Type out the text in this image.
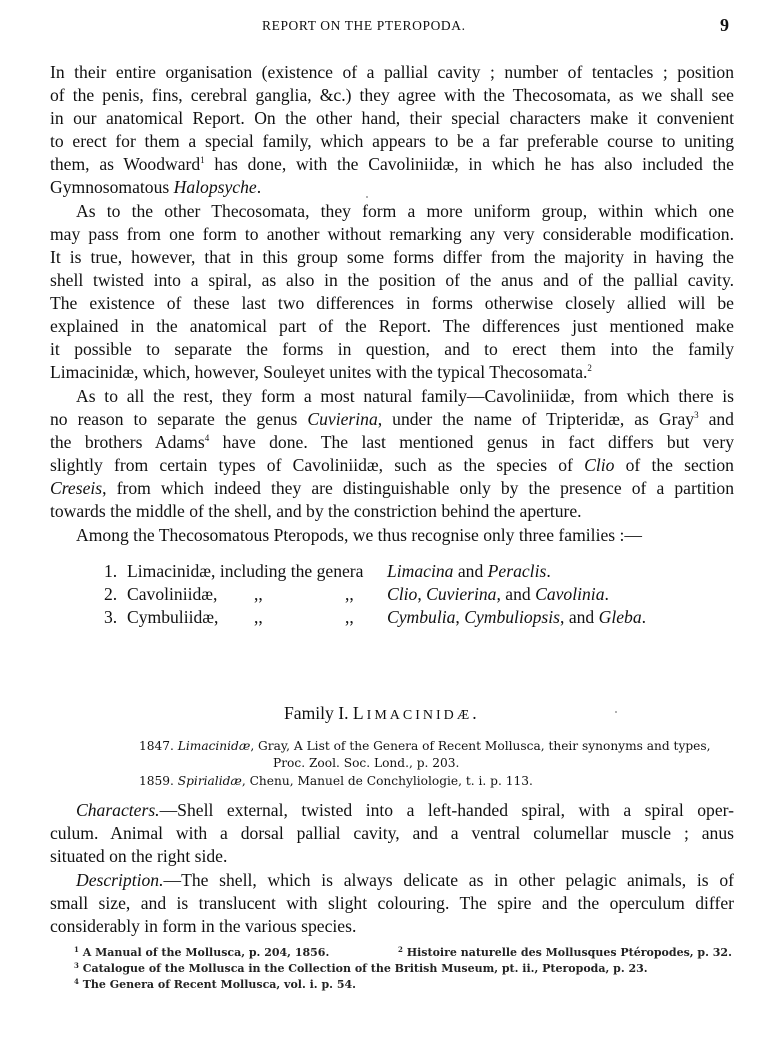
REPORT ON THE PTEROPODA.	9
In their entire organisation (existence of a pallial cavity ; number of tentacles ; position
of the penis, fins, cerebral ganglia, &c.) they agree with the Thecosomata, as we shall see
in our anatomical Report. On the other hand, their special characters make it convenient
to erect for them a special family, which appears to be a far preferable course to uniting
them, as Woodward$^1$ has done, with the Cavoliniidæ, in which he has also included the
Gymnosomatous Halopsyche.
As to the other Thecosomata, they form a more uniform group, within which one
may pass from one form to another without remarking any very considerable modification.
It is true, however, that in this group some forms differ from the majority in having the
shell twisted into a spiral, as also in the position of the anus and of the pallial cavity.
The existence of these last two differences in forms otherwise closely allied will be
explained in the anatomical part of the Report. The differences just mentioned make
it possible to separate the forms in question, and to erect them into the family
Limacinidæ, which, however, Souleyet unites with the typical Thecosomata.$^2$
As to all the rest, they form a most natural family—Cavoliniidæ, from which there is
no reason to separate the genus Cuvierina, under the name of Tripteridæ, as Gray$^3$ and
the brothers Adams$^4$ have done. The last mentioned genus in fact differs but very
slightly from certain types of Cavoliniidæ, such as the species of Clio of the section
Creseis, from which indeed they are distinguishable only by the presence of a partition
towards the middle of the shell, and by the constriction behind the aperture.
Among the Thecosomatous Pteropods, we thus recognise only three families :—
1. Limacinidæ, including the genera Limacina and Peraclis.
2. Cavoliniidæ, ,,	,, Clio, Cuvierina, and Cavolinia.
3. Cymbuliidæ, ,,	,, Cymbulia, Cymbuliopsis, and Gleba.
Family I. LIMACINIDÆ.
1847. Limacinidæ, Gray, A List of the Genera of Recent Mollusca, their synonyms and types,
Proc. Zool. Soc. Lond., p. 203.
1859. Spirialidæ, Chenu, Manuel de Conchyliologie, t. i. p. 113.
Characters.—Shell external, twisted into a left-handed spiral, with a spiral oper-
culum. Animal with a dorsal pallial cavity, and a ventral columellar muscle ; anus
situated on the right side.
Description.—The shell, which is always delicate as in other pelagic animals, is of
small size, and is translucent with slight colouring. The spire and the operculum differ
considerably in form in the various species.
$^1$ A Manual of the Mollusca, p. 204, 1856.	$^2$ Histoire naturelle des Mollusques Ptéropodes, p. 32.
$^3$ Catalogue of the Mollusca in the Collection of the British Museum, pt. ii., Pteropoda, p. 23.
$^4$ The Genera of Recent Mollusca, vol. i. p. 54.
